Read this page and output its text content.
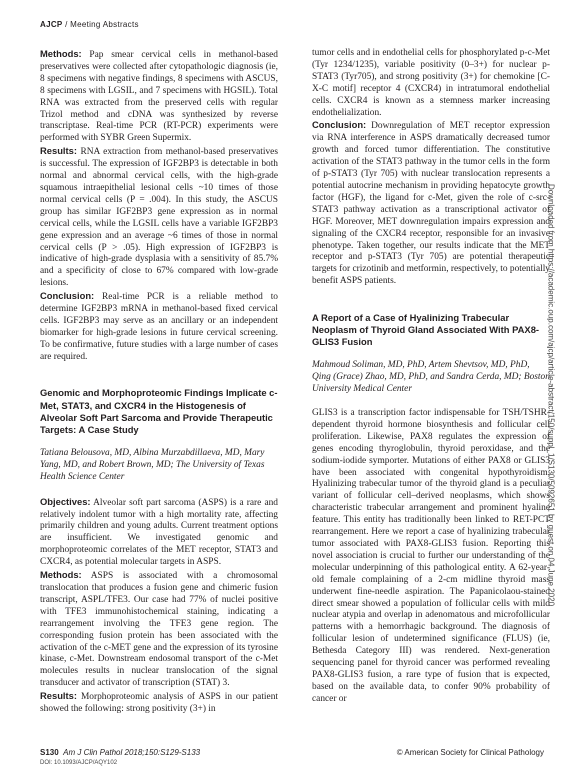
AJCP / Meeting Abstracts

Methods: Pap smear cervical cells in methanol-based preservatives were collected after cytopathologic diagnosis (ie, 8 specimens with negative findings, 8 specimens with ASCUS, 8 specimens with LGSIL, and 7 specimens with HGSIL). Total RNA was extracted from the preserved cells with regular Trizol method and cDNA was synthesized by reverse transcriptase. Real-time PCR (RT-PCR) experiments were performed with SYBR Green Supermix.

Results: RNA extraction from methanol-based preservatives is successful. The expression of IGF2BP3 is detectable in both normal and abnormal cervical cells, with the high-grade squamous intraepithelial lesional cells ~10 times of those normal cervical cells (P = .004). In this study, the ASCUS group has similar IGF2BP3 gene expression as in normal cervical cells, while the LGSIL cells have a variable IGF2BP3 gene expression and an average ~6 times of those in normal cervical cells (P > .05). High expression of IGF2BP3 is indicative of high-grade dysplasia with a sensitivity of 85.7% and a specificity of close to 67% compared with low-grade lesions.

Conclusion: Real-time PCR is a reliable method to determine IGF2BP3 mRNA in methanol-based fixed cervical cells. IGF2BP3 may serve as an ancillary or an independent biomarker for high-grade lesions in future cervical screening. To be confirmative, future studies with a large number of cases are required.

Genomic and Morphoproteomic Findings Implicate c-Met, STAT3, and CXCR4 in the Histogenesis of Alveolar Soft Part Sarcoma and Provide Therapeutic Targets: A Case Study

Tatiana Belousova, MD, Albina Murzabdillaeva, MD, Mary Yang, MD, and Robert Brown, MD; The University of Texas Health Science Center

Objectives: Alveolar soft part sarcoma (ASPS) is a rare and relatively indolent tumor with a high mortality rate, affecting primarily children and young adults. Current treatment options are insufficient. We investigated genomic and morphoproteomic correlates of the MET receptor, STAT3 and CXCR4, as potential molecular targets in ASPS.

Methods: ASPS is associated with a chromosomal translocation that produces a fusion gene and chimeric fusion transcript, ASPL/TFE3. Our case had 77% of nuclei positive with TFE3 immunohistochemical staining, indicating a rearrangement involving the TFE3 gene region. The corresponding fusion protein has been associated with the activation of the c-MET gene and the expression of its tyrosine kinase, c-Met. Downstream endosomal transport of the c-Met molecules results in nuclear translocation of the signal transducer and activator of transcription (STAT) 3.

Results: Morphoproteomic analysis of ASPS in our patient showed the following: strong positivity (3+) in

tumor cells and in endothelial cells for phosphorylated p-c-Met (Tyr 1234/1235), variable positivity (0–3+) for nuclear p-STAT3 (Tyr705), and strong positivity (3+) for chemokine [C-X-C motif] receptor 4 (CXCR4) in intratumoral endothelial cells. CXCR4 is known as a stemness marker increasing endothelialization.

Conclusion: Downregulation of MET receptor expression via RNA interference in ASPS dramatically decreased tumor growth and forced tumor differentiation. The constitutive activation of the STAT3 pathway in the tumor cells in the form of p-STAT3 (Tyr 705) with nuclear translocation represents a potential autocrine mechanism in providing hepatocyte growth factor (HGF), the ligand for c-Met, given the role of c-src-STAT3 pathway activation as a transcriptional activator of HGF. Moreover, MET downregulation impairs expression and signaling of the CXCR4 receptor, responsible for an invasive phenotype. Taken together, our results indicate that the MET receptor and p-STAT3 (Tyr 705) are potential therapeutic targets for crizotinib and metformin, respectively, to potentially benefit ASPS patients.

A Report of a Case of Hyalinizing Trabecular Neoplasm of Thyroid Gland Associated With PAX8-GLIS3 Fusion

Mahmoud Soliman, MD, PhD, Artem Shevtsov, MD, PhD, Qing (Grace) Zhao, MD, PhD, and Sandra Cerda, MD; Boston University Medical Center

GLIS3 is a transcription factor indispensable for TSH/TSHR-dependent thyroid hormone biosynthesis and follicular cell proliferation. Likewise, PAX8 regulates the expression of genes encoding thyroglobulin, thyroid peroxidase, and the sodium-iodide symporter. Mutations of either PAX8 or GLIS3 have been associated with congenital hypothyroidism. Hyalinizing trabecular tumor of the thyroid gland is a peculiar variant of follicular cell–derived neoplasms, which shows characteristic trabecular arrangement and prominent hyaline feature. This entity has traditionally been linked to RET-PCT rearrangement. Here we report a case of hyalinizing trabecular tumor associated with PAX8-GLIS3 fusion. Reporting this novel association is crucial to further our understanding of the molecular underpinning of this pathological entity. A 62-year-old female complaining of a 2-cm midline thyroid mass underwent fine-needle aspiration. The Papanicolaou-stained direct smear showed a population of follicular cells with mild nuclear atypia and overlap in adenomatous and microfollicular patterns with a hemorrhagic background. The diagnosis of follicular lesion of undetermined significance (FLUS) (ie, Bethesda Category III) was rendered. Next-generation sequencing panel for thyroid cancer was performed revealing PAX8-GLIS3 fusion, a rare type of fusion that is expected, based on the available data, to confer 90% probability of cancer or

Downloaded from https://academic.oup.com/ajcp/article-abstract/150/suppl_1/S130/5092651 by guest on 04 June 2020
S130 Am J Clin Pathol 2018;150:S129-S133
DOI: 10.1093/AJCP/AQY102
© American Society for Clinical Pathology
